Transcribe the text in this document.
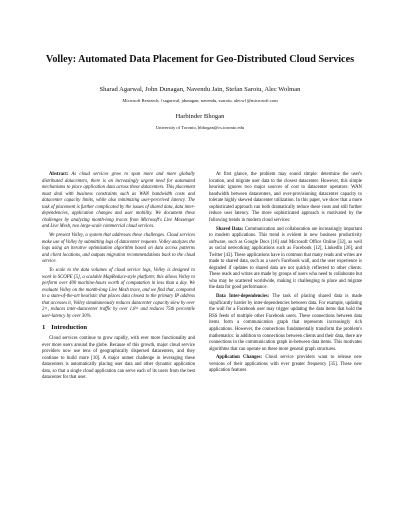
Volley: Automated Data Placement for Geo-Distributed Cloud Services
Sharad Agarwal, John Dunagan, Navendu Jain, Stefan Saroiu, Alec Wolman
Microsoft Research, {sagarwal, jdunagan, navendu, ssaroiu, alecw}@microsoft.com
Harbinder Bhogan
University of Toronto, hbhogan@cs.toronto.edu

Abstract: As cloud services grow to span more and more globally distributed datacenters, there is an increasingly urgent need for automated mechanisms to place application data across these datacenters. This placement must deal with business constraints such as WAN bandwidth costs and datacenter capacity limits, while also minimizing user-perceived latency. The task of placement is further complicated by the issues of shared data, data inter-dependencies, application changes and user mobility. We document these challenges by analyzing month-long traces from Microsoft's Live Messenger and Live Mesh, two large-scale commercial cloud services.

We present Volley, a system that addresses these challenges. Cloud services make use of Volley by submitting logs of datacenter requests. Volley analyzes the logs using an iterative optimization algorithm based on data access patterns and client locations, and outputs migration recommendations back to the cloud service.

To scale to the data volumes of cloud service logs, Volley is designed to work in SCOPE [5], a scalable MapReduce-style platform; this allows Volley to perform over 400 machine-hours worth of computation in less than a day. We evaluate Volley on the month-long Live Mesh trace, and we find that, compared to a state-of-the-art heuristic that places data closest to the primary IP address that accesses it, Volley simultaneously reduces datacenter capacity skew by over 2×, reduces inter-datacenter traffic by over 1.8× and reduces 75th percentile user-latency by over 30%.

1 Introduction

Cloud services continue to grow rapidly, with ever more functionality and ever more users around the globe. Because of this growth, major cloud service providers now use tens of geographically dispersed datacenters, and they continue to build more [10]. A major unmet challenge in leveraging these datacenters is automatically placing user data and other dynamic application data, so that a single cloud application can serve each of its users from the best datacenter for that user.

At first glance, the problem may sound simple: determine the user's location, and migrate user data to the closest datacenter. However, this simple heuristic ignores two major sources of cost to datacenter operators: WAN bandwidth between datacenters, and over-provisioning datacenter capacity to tolerate highly skewed datacenter utilization. In this paper, we show that a more sophisticated approach can both dramatically reduce these costs and still further reduce user latency. The more sophisticated approach is motivated by the following trends in modern cloud services:

Shared Data: Communication and collaboration are increasingly important to modern applications. This trend is evident in new business productivity software, such as Google Docs [16] and Microsoft Office Online [32], as well as social networking applications such as Facebook [12], LinkedIn [26], and Twitter [43]. These applications have in common that many reads and writes are made to shared data, such as a user's Facebook wall, and the user experience is degraded if updates to shared data are not quickly reflected to other clients. These reads and writes are made by groups of users who need to collaborate but who may be scattered worldwide, making it challenging to place and migrate the data for good performance.

Data Inter-dependencies: The task of placing shared data is made significantly harder by inter-dependencies between data. For example, updating the wall for a Facebook user may trigger updating the data items that hold the RSS feeds of multiple other Facebook users. These connections between data items form a communication graph that represents increasingly rich applications. However, the connections fundamentally transform the problem's mathematics: in addition to connections between clients and their data, there are connections in the communication graph in-between data items. This motivates algorithms that can operate on these more general graph structures.

Application Changes: Cloud service providers want to release new versions of their applications with ever greater frequency [35]. These new application features
